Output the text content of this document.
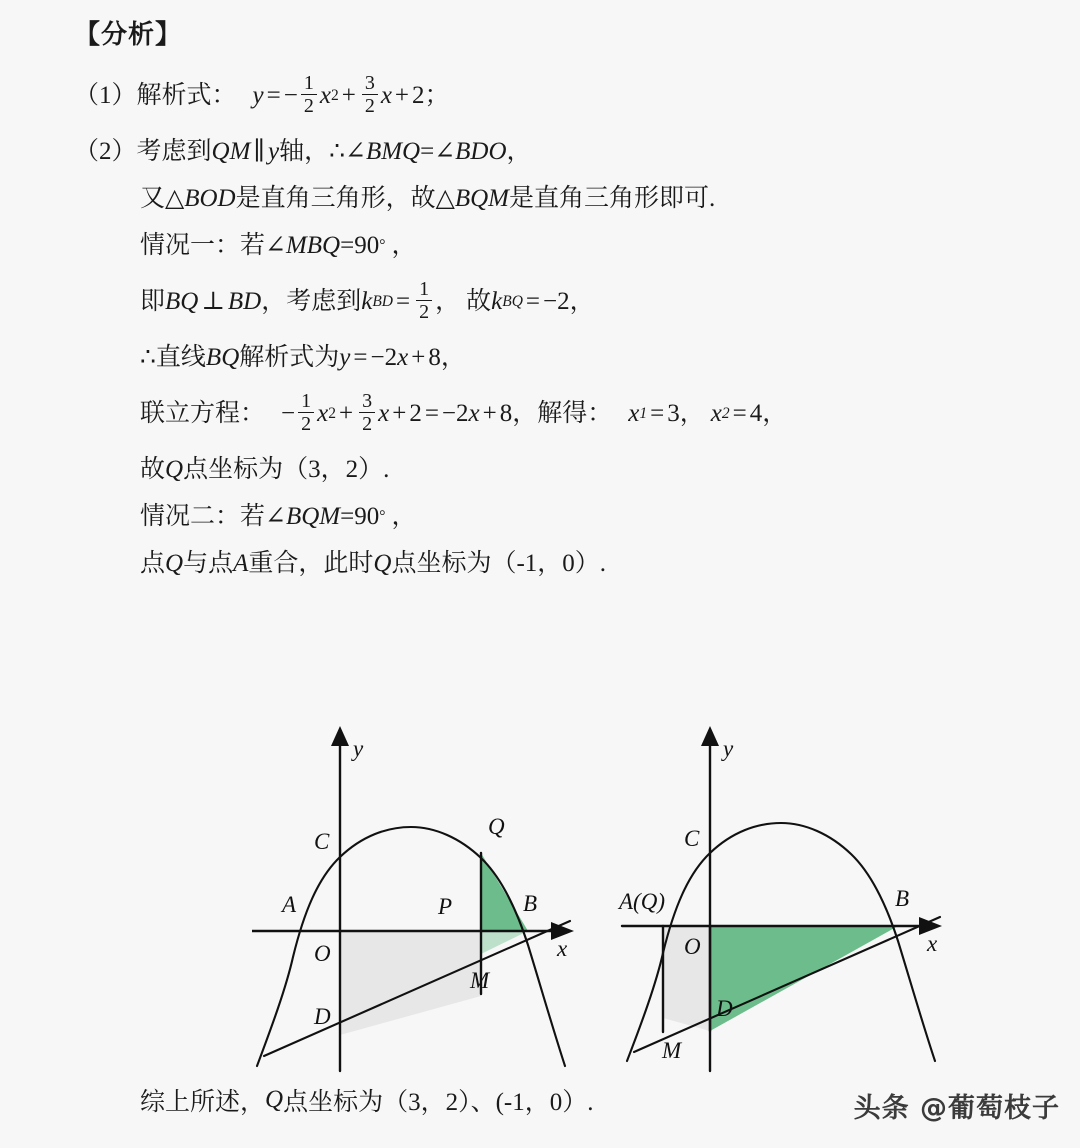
【分析】
（1）解析式： y = − $\frac{1}{2}$ x $2 + \frac{3}{2}$ x + 2 ；
（2）考虑到 QM ∥ y 轴， ∴ ∠BMQ = ∠BDO ，
又△ BOD 是直角三角形，故△ BQM 是直角三角形即可.
情况一：若 ∠MBQ =90 ° ，
即 BQ ⊥ BD ，考虑到 k BD = $\frac{1}{2}$ ， 故 k BQ = −2 ，
∴ 直线 BQ 解析式为 y = −2 x + 8 ，
联立方程： − $\frac{1}{2}$ x $2 + \frac{3}{2}$ x + 2 = −2 x + 8 ，解得： x 1 = 3 ， x 2 = 4 ，
故 Q 点坐标为（3，2）.
情况二：若 ∠BQM =90 ° ，
点 Q 与点 A 重合，此时 Q 点坐标为（-1，0）.
y
x
C
A
O
D
P
Q
B
M
y
x
C
A(Q)
O
D
M
B
综上所述， Q 点坐标为（3，2）、(-1，0）.	头条 @葡萄枝子
